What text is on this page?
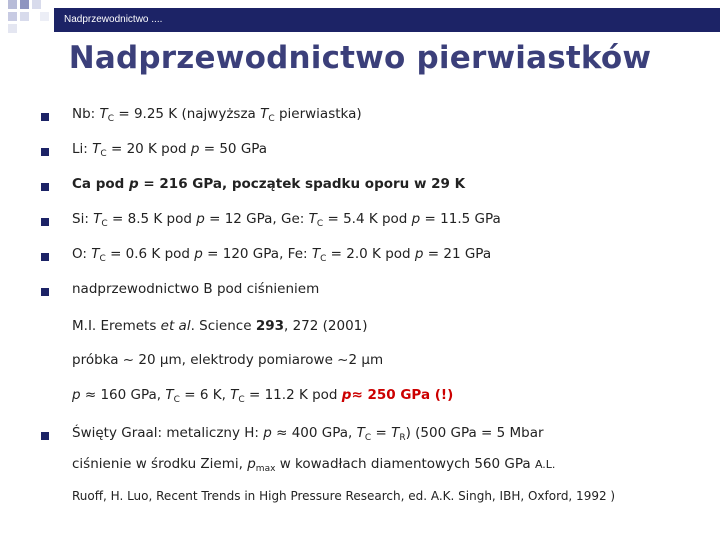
Nadprzewodnictwo ....
Nadprzewodnictwo pierwiastków
Nb: $T_C = 9.25$ K (najwyższa $T_C$ pierwiastka)
Li: $T_C = 20$ K pod p = 50 GPa
Ca pod p = 216 GPa, początek spadku oporu w 29 K
Si: $T_C = 8.5$ K pod p = 12 GPa, Ge: $T_C = 5.4$ K pod p = 11.5 GPa
O: $T_C = 0.6$ K pod p = 120 GPa, Fe: $T_C = 2.0$ K pod p = 21 GPa
nadprzewodnictwo B pod ciśnieniem
M.I. Eremets et al. Science 293, 272 (2001)
próbka ~ 20 μm, elektrody pomiarowe ~2 μm
p ≈ 160 GPa, $T_C = 6$ K, $T_C = 11.2$ K pod p≈ 250 GPa (!)
Święty Graal: metaliczny H: p ≈ 400 GPa, $T_C = T_R$) (500 GPa = 5 Mbar
ciśnienie w środku Ziemi, $p_{max}$ w kowadłach diamentowych 560 GPa A.L.
Ruoff, H. Luo, Recent Trends in High Pressure Research, ed. A.K. Singh, IBH, Oxford, 1992 )
